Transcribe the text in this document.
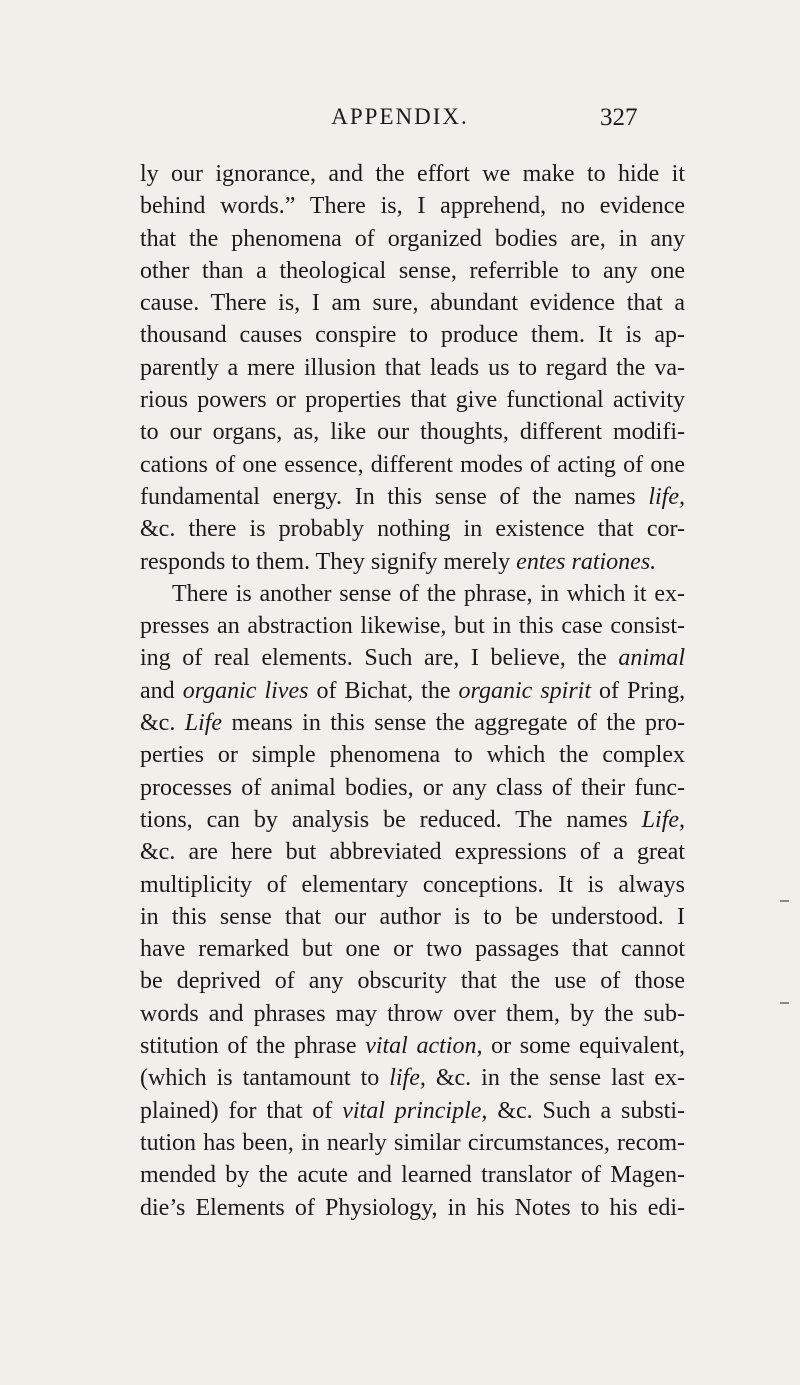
APPENDIX.	327
ly our ignorance, and the effort we make to hide it
behind words.” There is, I apprehend, no evidence
that the phenomena of organized bodies are, in any
other than a theological sense, referrible to any one
cause. There is, I am sure, abundant evidence that a
thousand causes conspire to produce them. It is ap-
parently a mere illusion that leads us to regard the va-
rious powers or properties that give functional activity
to our organs, as, like our thoughts, different modifi-
cations of one essence, different modes of acting of one
fundamental energy. In this sense of the names life,
&c. there is probably nothing in existence that cor-
responds to them. They signify merely entes rationes.
There is another sense of the phrase, in which it ex-
presses an abstraction likewise, but in this case consist-
ing of real elements. Such are, I believe, the animal
and organic lives of Bichat, the organic spirit of Pring,
&c. Life means in this sense the aggregate of the pro-
perties or simple phenomena to which the complex
processes of animal bodies, or any class of their func-
tions, can by analysis be reduced. The names Life,
&c. are here but abbreviated expressions of a great
multiplicity of elementary conceptions. It is always
in this sense that our author is to be understood. I
have remarked but one or two passages that cannot
be deprived of any obscurity that the use of those
words and phrases may throw over them, by the sub-
stitution of the phrase vital action, or some equivalent,
(which is tantamount to life, &c. in the sense last ex-
plained) for that of vital principle, &c. Such a substi-
tution has been, in nearly similar circumstances, recom-
mended by the acute and learned translator of Magen-
die’s Elements of Physiology, in his Notes to his edi-
